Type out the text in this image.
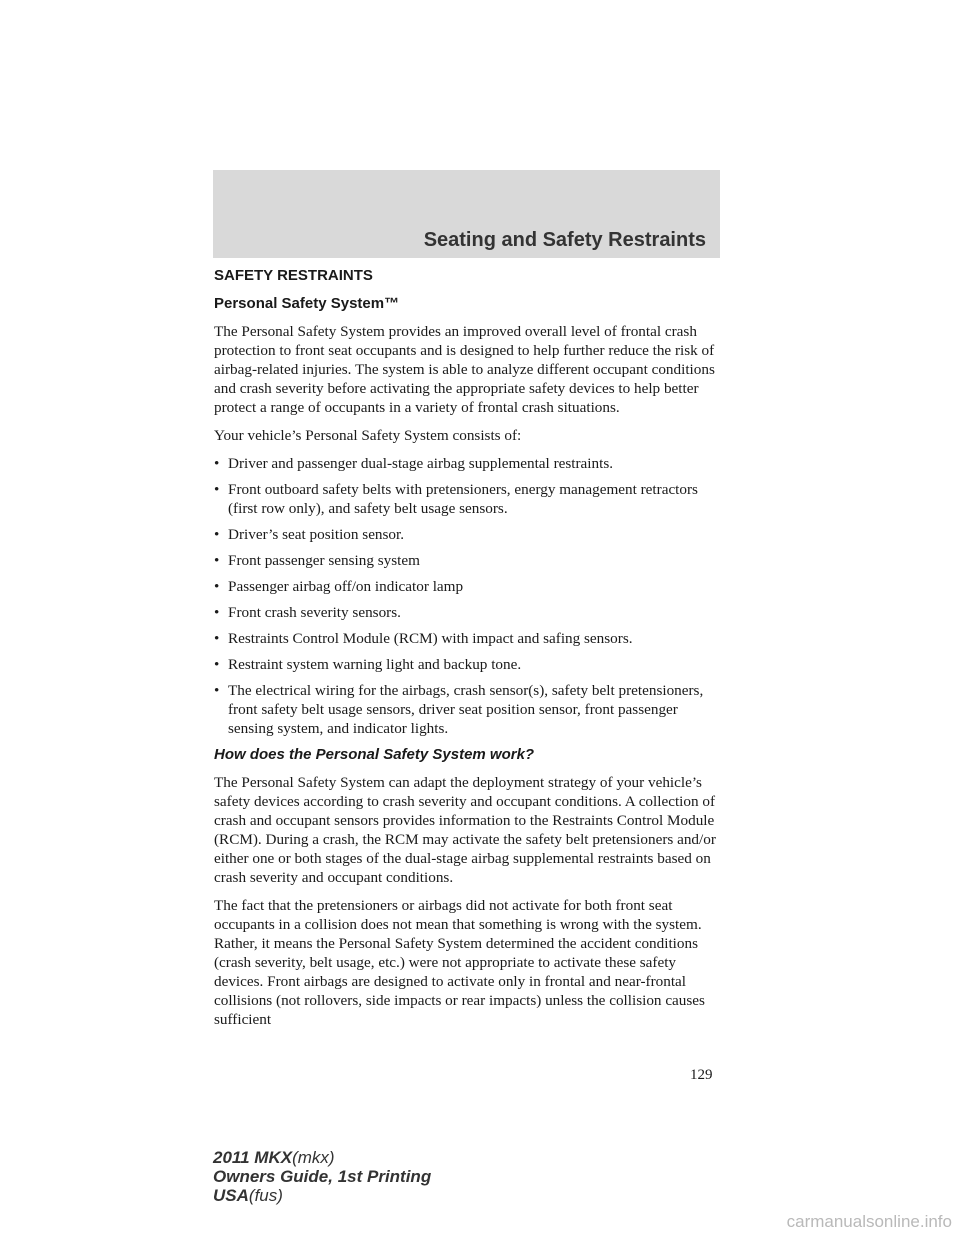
Seating and Safety Restraints
SAFETY RESTRAINTS
Personal Safety System™

The Personal Safety System provides an improved overall level of frontal crash protection to front seat occupants and is designed to help further reduce the risk of airbag-related injuries. The system is able to analyze different occupant conditions and crash severity before activating the appropriate safety devices to help better protect a range of occupants in a variety of frontal crash situations.

Your vehicle’s Personal Safety System consists of:

• Driver and passenger dual-stage airbag supplemental restraints.
• Front outboard safety belts with pretensioners, energy management retractors (first row only), and safety belt usage sensors.
• Driver’s seat position sensor.
• Front passenger sensing system
• Passenger airbag off/on indicator lamp
• Front crash severity sensors.
• Restraints Control Module (RCM) with impact and safing sensors.
• Restraint system warning light and backup tone.
• The electrical wiring for the airbags, crash sensor(s), safety belt pretensioners, front safety belt usage sensors, driver seat position sensor, front passenger sensing system, and indicator lights.
How does the Personal Safety System work?

The Personal Safety System can adapt the deployment strategy of your vehicle’s safety devices according to crash severity and occupant conditions. A collection of crash and occupant sensors provides information to the Restraints Control Module (RCM). During a crash, the RCM may activate the safety belt pretensioners and/or either one or both stages of the dual-stage airbag supplemental restraints based on crash severity and occupant conditions.

The fact that the pretensioners or airbags did not activate for both front seat occupants in a collision does not mean that something is wrong with the system. Rather, it means the Personal Safety System determined the accident conditions (crash severity, belt usage, etc.) were not appropriate to activate these safety devices. Front airbags are designed to activate only in frontal and near-frontal collisions (not rollovers, side impacts or rear impacts) unless the collision causes sufficient

129
2011 MKX(mkx)
Owners Guide, 1st Printing
USA(fus)
carmanualsonline.info
